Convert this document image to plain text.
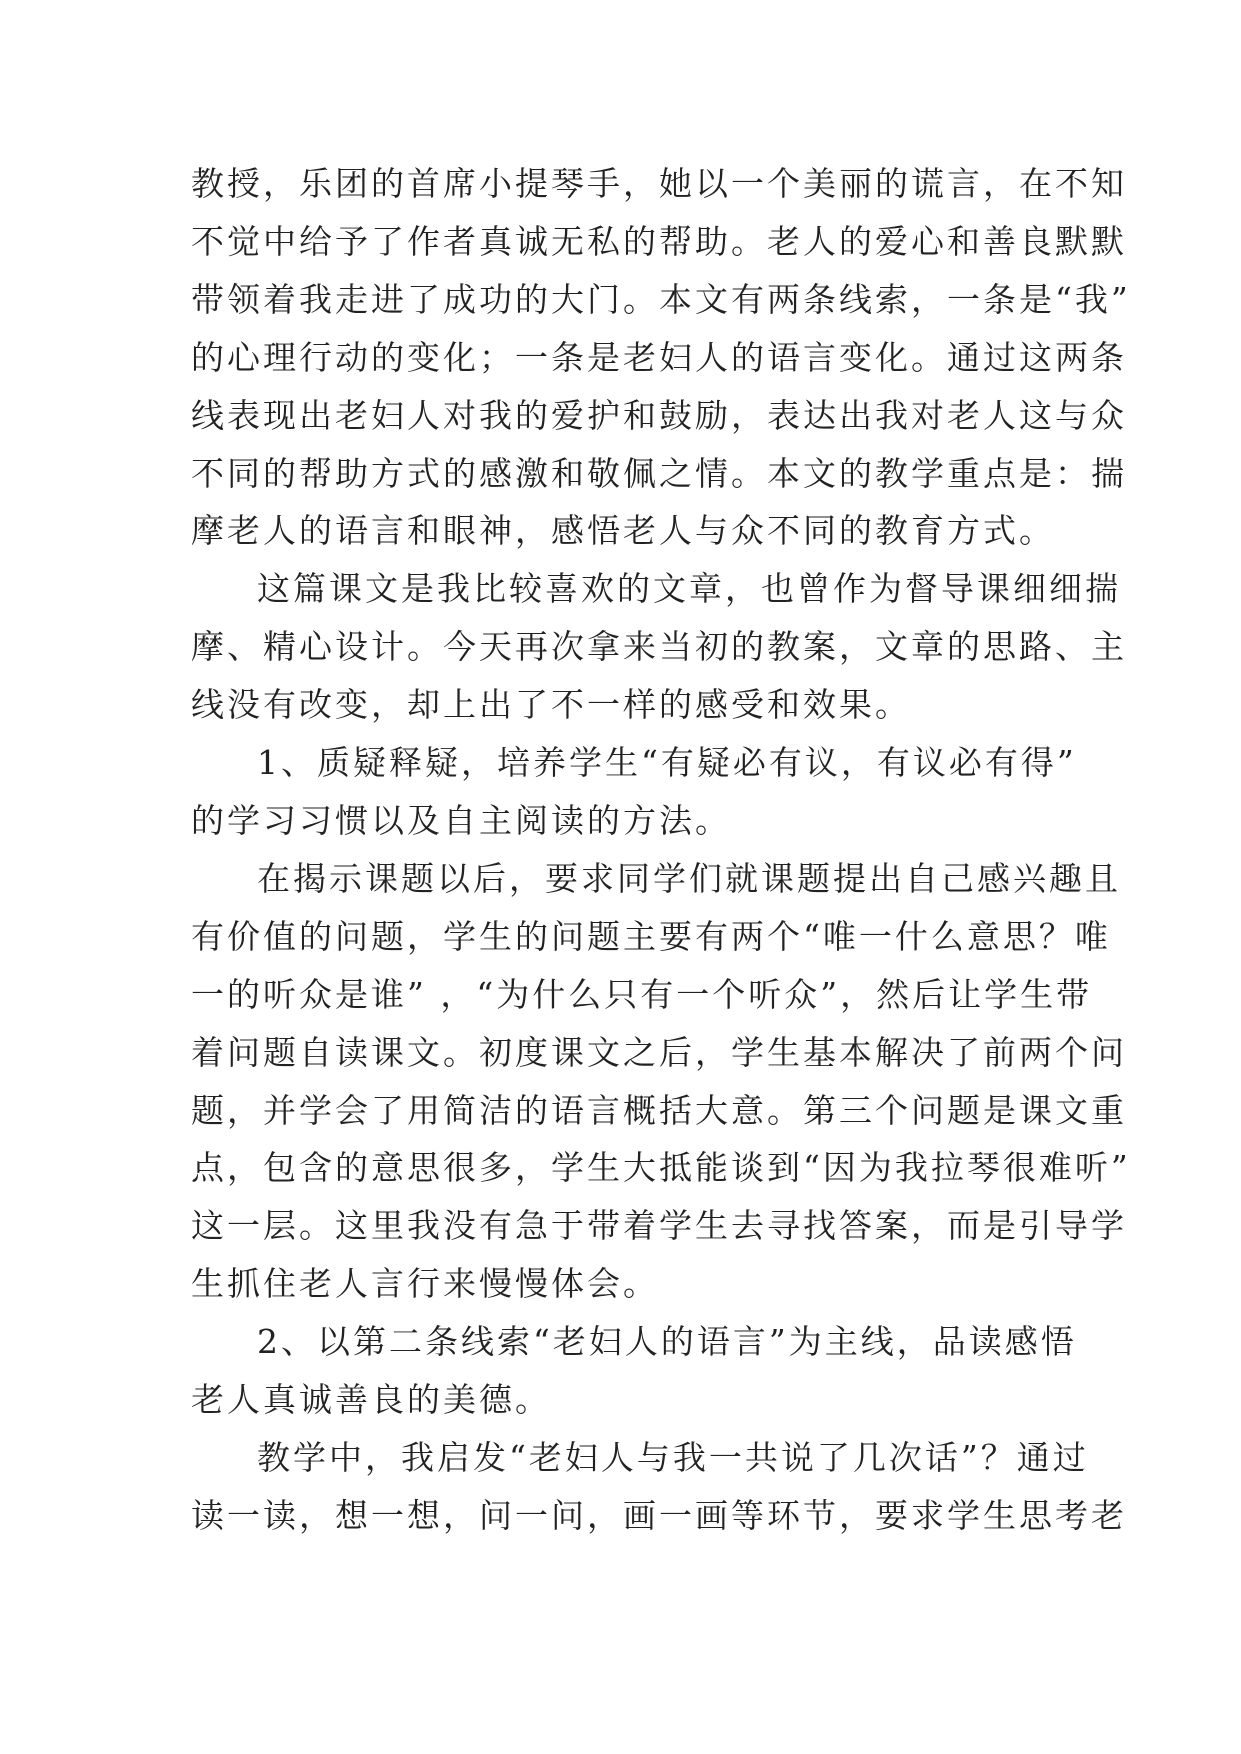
教授，乐团的首席小提琴手，她以一个美丽的谎言，在不知
不觉中给予了作者真诚无私的帮助。老人的爱心和善良默默
带领着我走进了成功的大门。本文有两条线索，一条是“我”
的心理行动的变化；一条是老妇人的语言变化。通过这两条
线表现出老妇人对我的爱护和鼓励，表达出我对老人这与众
不同的帮助方式的感激和敬佩之情。本文的教学重点是：揣
摩老人的语言和眼神，感悟老人与众不同的教育方式。
这篇课文是我比较喜欢的文章，也曾作为督导课细细揣
摩、精心设计。今天再次拿来当初的教案，文章的思路、主
线没有改变，却上出了不一样的感受和效果。
1、质疑释疑，培养学生“有疑必有议，有议必有得”
的学习习惯以及自主阅读的方法。
在揭示课题以后，要求同学们就课题提出自己感兴趣且
有价值的问题，学生的问题主要有两个“唯一什么意思？唯
一的听众是谁” ，“为什么只有一个听众”，然后让学生带
着问题自读课文。初度课文之后，学生基本解决了前两个问
题，并学会了用简洁的语言概括大意。第三个问题是课文重
点，包含的意思很多，学生大抵能谈到“因为我拉琴很难听”
这一层。这里我没有急于带着学生去寻找答案，而是引导学
生抓住老人言行来慢慢体会。
2、以第二条线索“老妇人的语言”为主线，品读感悟
老人真诚善良的美德。
教学中，我启发“老妇人与我一共说了几次话”？通过
读一读，想一想，问一问，画一画等环节，要求学生思考老
